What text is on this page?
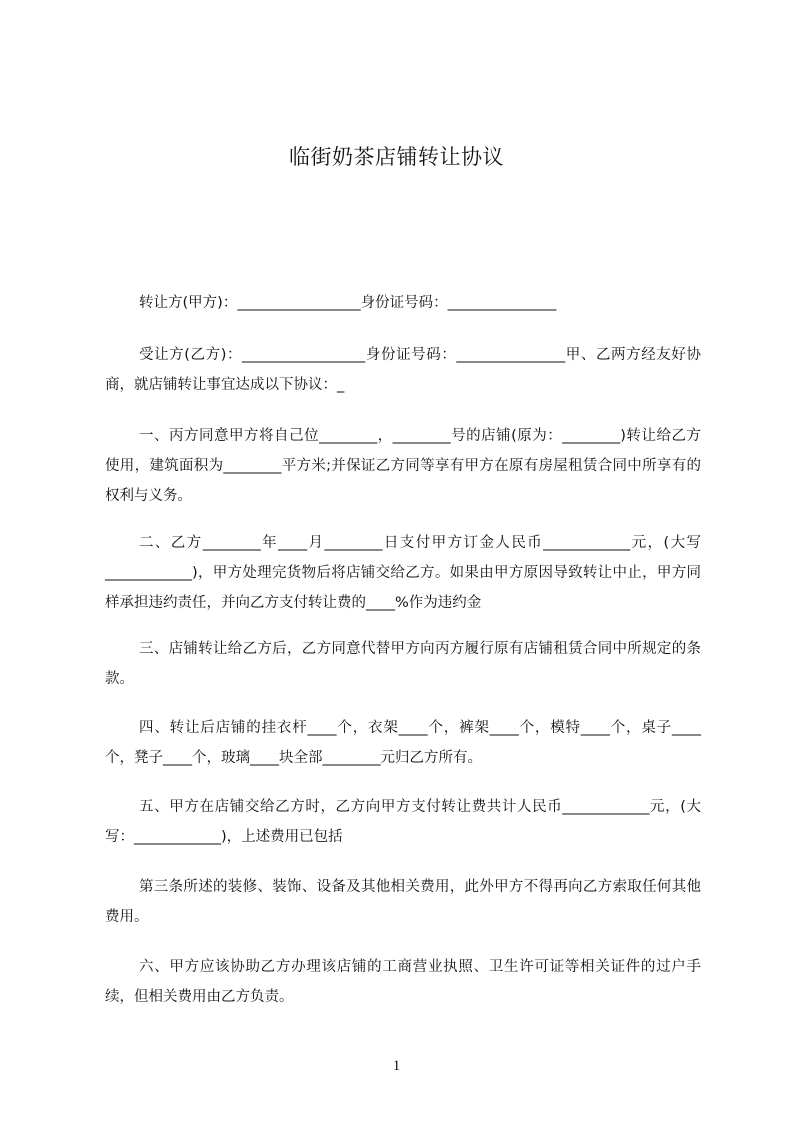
临街奶茶店铺转让协议

转让方(甲方)：_________________身份证号码：_______________

受让方(乙方)：_________________身份证号码：_______________甲、乙两方经友好协商，就店铺转让事宜达成以下协议：_

一、丙方同意甲方将自己位________，________号的店铺(原为：________)转让给乙方使用，建筑面积为________平方米;并保证乙方同等享有甲方在原有房屋租赁合同中所享有的权利与义务。

二、乙方________年____月________日支付甲方订金人民币____________元，(大写____________)，甲方处理完货物后将店铺交给乙方。如果由甲方原因导致转让中止，甲方同样承担违约责任，并向乙方支付转让费的____%作为违约金

三、店铺转让给乙方后，乙方同意代替甲方向丙方履行原有店铺租赁合同中所规定的条款。

四、转让后店铺的挂衣杆____个，衣架____个，裤架____个，模特____个，桌子____个，凳子____个，玻璃____块全部________元归乙方所有。

五、甲方在店铺交给乙方时，乙方向甲方支付转让费共计人民币____________元，(大写：____________)，上述费用已包括

第三条所述的装修、装饰、设备及其他相关费用，此外甲方不得再向乙方索取任何其他费用。

六、甲方应该协助乙方办理该店铺的工商营业执照、卫生许可证等相关证件的过户手续，但相关费用由乙方负责。

1
